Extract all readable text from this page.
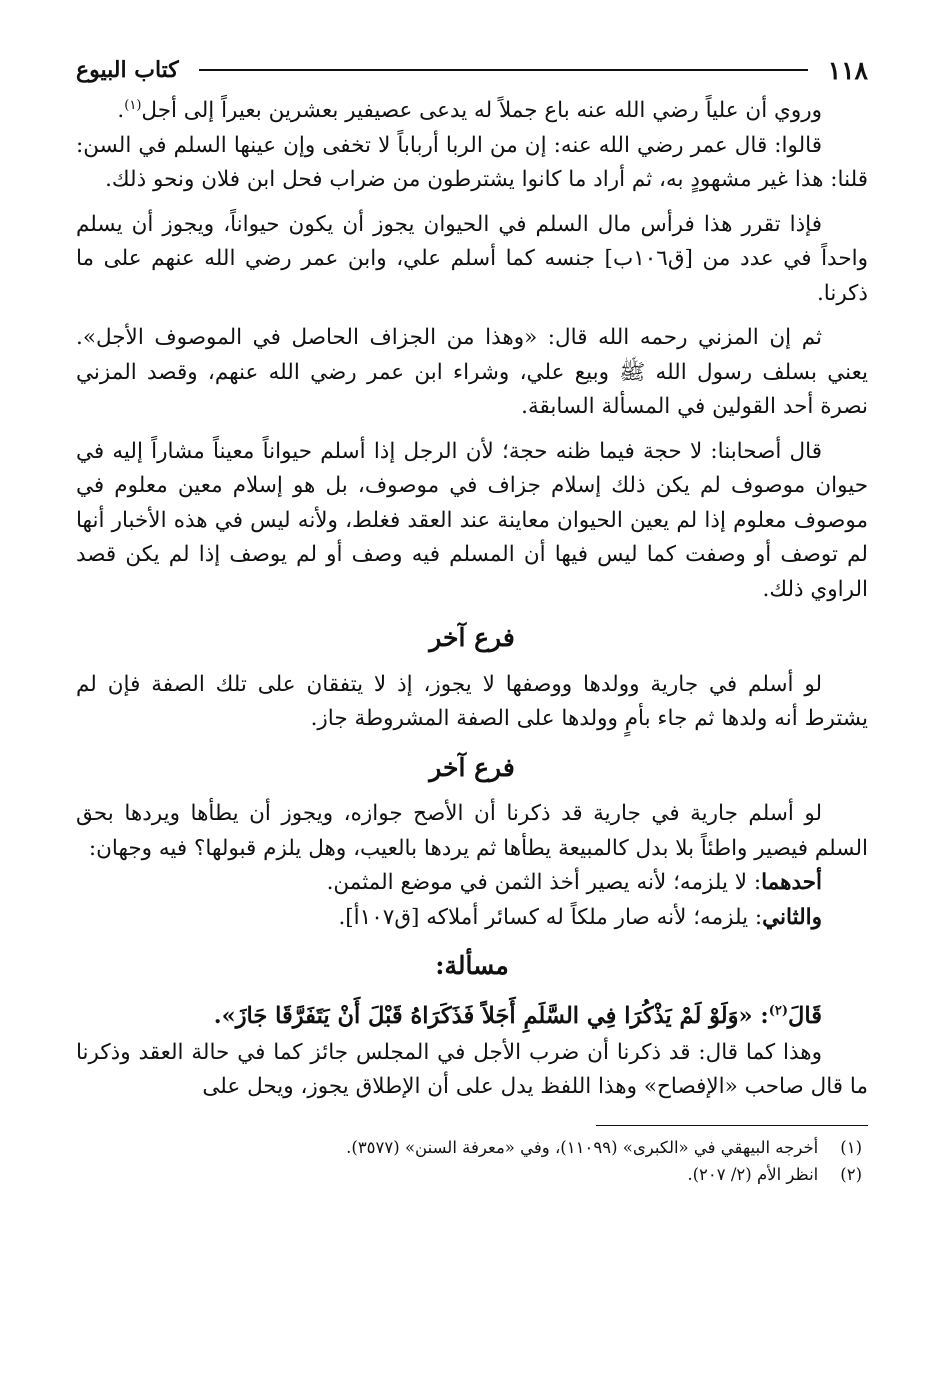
١١٨
كتاب البيوع

وروي أن علياً رضي الله عنه باع جملاً له يدعى عصيفير بعشرين بعيراً إلى أجل$^{(١)}$.

قالوا: قال عمر رضي الله عنه: إن من الربا أرباباً لا تخفى وإن عينها السلم في السن: قلنا: هذا غير مشهودٍ به، ثم أراد ما كانوا يشترطون من ضراب فحل ابن فلان ونحو ذلك.

فإذا تقرر هذا فرأس مال السلم في الحيوان يجوز أن يكون حيواناً، ويجوز أن يسلم واحداً في عدد من [ق١٠٦ب] جنسه كما أسلم علي، وابن عمر رضي الله عنهم على ما ذكرنا.

ثم إن المزني رحمه الله قال: «وهذا من الجزاف الحاصل في الموصوف الأجل». يعني بسلف رسول الله ﷺ وبيع علي، وشراء ابن عمر رضي الله عنهم، وقصد المزني نصرة أحد القولين في المسألة السابقة.

قال أصحابنا: لا حجة فيما ظنه حجة؛ لأن الرجل إذا أسلم حيواناً معيناً مشاراً إليه في حيوان موصوف لم يكن ذلك إسلام جزاف في موصوف، بل هو إسلام معين معلوم في موصوف معلوم إذا لم يعين الحيوان معاينة عند العقد فغلط، ولأنه ليس في هذه الأخبار أنها لم توصف أو وصفت كما ليس فيها أن المسلم فيه وصف أو لم يوصف إذا لم يكن قصد الراوي ذلك.

فرع آخر

لو أسلم في جارية وولدها ووصفها لا يجوز، إذ لا يتفقان على تلك الصفة فإن لم يشترط أنه ولدها ثم جاء بأمٍ وولدها على الصفة المشروطة جاز.

فرع آخر

لو أسلم جارية في جارية قد ذكرنا أن الأصح جوازه، ويجوز أن يطأها ويردها بحق السلم فيصير واطئاً بلا بدل كالمبيعة يطأها ثم يردها بالعيب، وهل يلزم قبولها؟ فيه وجهان:

أحدهما: لا يلزمه؛ لأنه يصير أخذ الثمن في موضع المثمن.

والثاني: يلزمه؛ لأنه صار ملكاً له كسائر أملاكه [ق١٠٧أ].

مسألة:

قَالَ$^{(٢)}$: «وَلَوْ لَمْ يَذْكُرَا فِي السَّلَمِ أَجَلاً فَذَكَرَاهُ قَبْلَ أَنْ يَتَفَرَّقَا جَازَ».

وهذا كما قال: قد ذكرنا أن ضرب الأجل في المجلس جائز كما في حالة العقد وذكرنا ما قال صاحب «الإفصاح» وهذا اللفظ يدل على أن الإطلاق يجوز، ويحل على

(١)
أخرجه البيهقي في «الكبرى» (١١٠٩٩)، وفي «معرفة السنن» (٣٥٧٧).
(٢)
انظر الأم (٢/ ٢٠٧).
